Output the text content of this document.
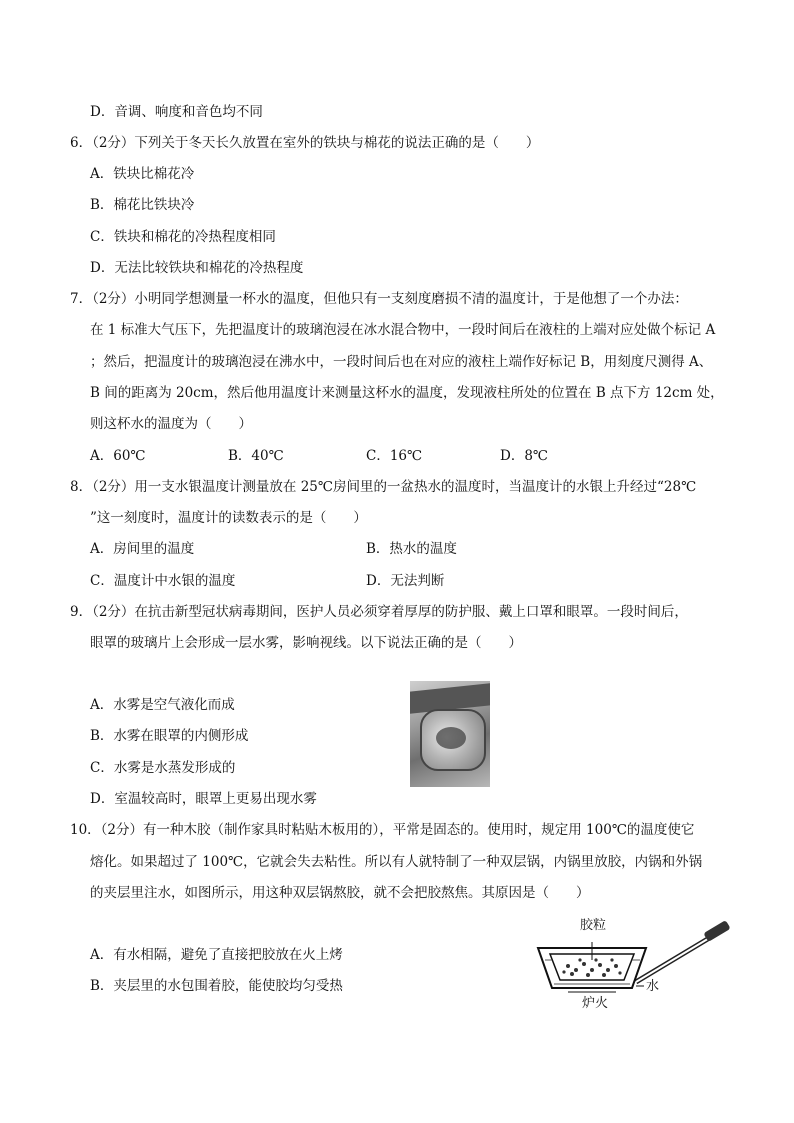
D．音调、响度和音色均不同
6．（2分）下列关于冬天长久放置在室外的铁块与棉花的说法正确的是（　　）
A．铁块比棉花冷
B．棉花比铁块冷
C．铁块和棉花的冷热程度相同
D．无法比较铁块和棉花的冷热程度
7．（2分）小明同学想测量一杯水的温度，但他只有一支刻度磨损不清的温度计，于是他想了一个办法：
在 1 标准大气压下，先把温度计的玻璃泡浸在冰水混合物中，一段时间后在液柱的上端对应处做个标记 A
；然后，把温度计的玻璃泡浸在沸水中，一段时间后也在对应的液柱上端作好标记 B，用刻度尺测得 A、
B 间的距离为 20cm，然后他用温度计来测量这杯水的温度，发现液柱所处的位置在 B 点下方 12cm 处，
则这杯水的温度为（　　）
A．60℃	B．40℃	C．16℃	D．8℃
8．（2分）用一支水银温度计测量放在 25℃房间里的一盆热水的温度时，当温度计的水银上升经过“28℃
”这一刻度时，温度计的读数表示的是（　　）
A．房间里的温度	B．热水的温度
C．温度计中水银的温度	D．无法判断
9．（2分）在抗击新型冠状病毒期间，医护人员必须穿着厚厚的防护服、戴上口罩和眼罩。一段时间后，
眼罩的玻璃片上会形成一层水雾，影响视线。以下说法正确的是（　　）
A．水雾是空气液化而成
B．水雾在眼罩的内侧形成
C．水雾是水蒸发形成的
D．室温较高时，眼罩上更易出现水雾
10．（2分）有一种木胶（制作家具时粘贴木板用的），平常是固态的。使用时，规定用 100℃的温度使它
熔化。如果超过了 100℃，它就会失去粘性。所以有人就特制了一种双层锅，内锅里放胶，内锅和外锅
的夹层里注水，如图所示，用这种双层锅熬胶，就不会把胶熬焦。其原因是（　　）
A．有水相隔，避免了直接把胶放在火上烤
B．夹层里的水包围着胶，能使胶均匀受热
胶粒
水
炉火
